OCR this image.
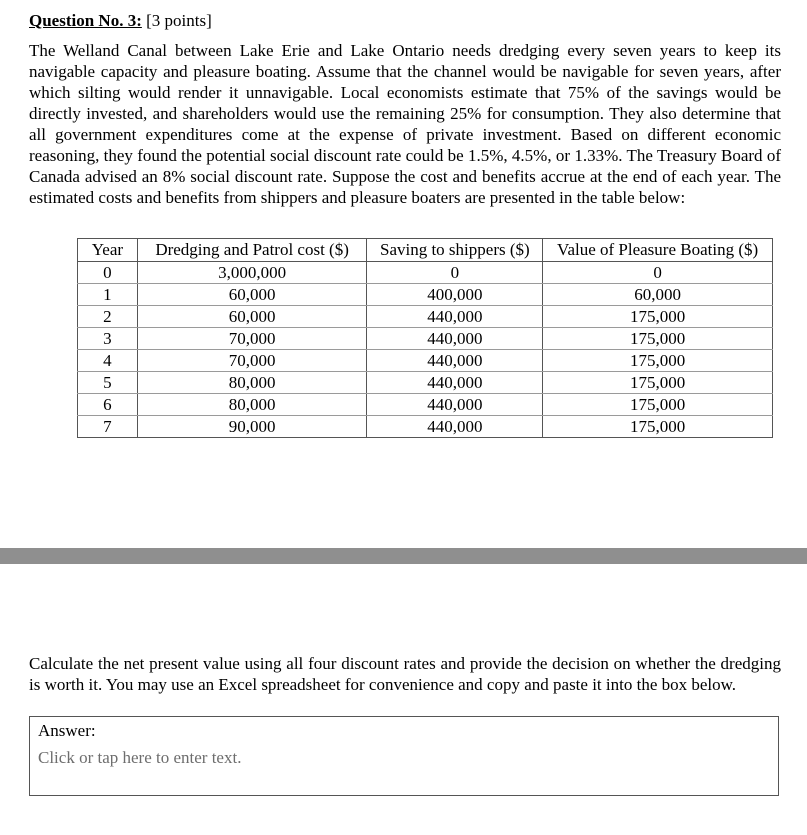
Question No. 3: [3 points]

The Welland Canal between Lake Erie and Lake Ontario needs dredging every seven years to keep its navigable capacity and pleasure boating. Assume that the channel would be navigable for seven years, after which silting would render it unnavigable. Local economists estimate that 75% of the savings would be directly invested, and shareholders would use the remaining 25% for consumption. They also determine that all government expenditures come at the expense of private investment. Based on different economic reasoning, they found the potential social discount rate could be 1.5%, 4.5%, or 1.33%. The Treasury Board of Canada advised an 8% social discount rate. Suppose the cost and benefits accrue at the end of each year. The estimated costs and benefits from shippers and pleasure boaters are presented in the table below:

Year	Dredging and Patrol cost ($)	Saving to shippers ($)	Value of Pleasure Boating ($)
0	3,000,000	0	0
1	60,000	400,000	60,000
2	60,000	440,000	175,000
3	70,000	440,000	175,000
4	70,000	440,000	175,000
5	80,000	440,000	175,000
6	80,000	440,000	175,000
7	90,000	440,000	175,000

Calculate the net present value using all four discount rates and provide the decision on whether the dredging is worth it. You may use an Excel spreadsheet for convenience and copy and paste it into the box below.

Answer:
Click or tap here to enter text.
